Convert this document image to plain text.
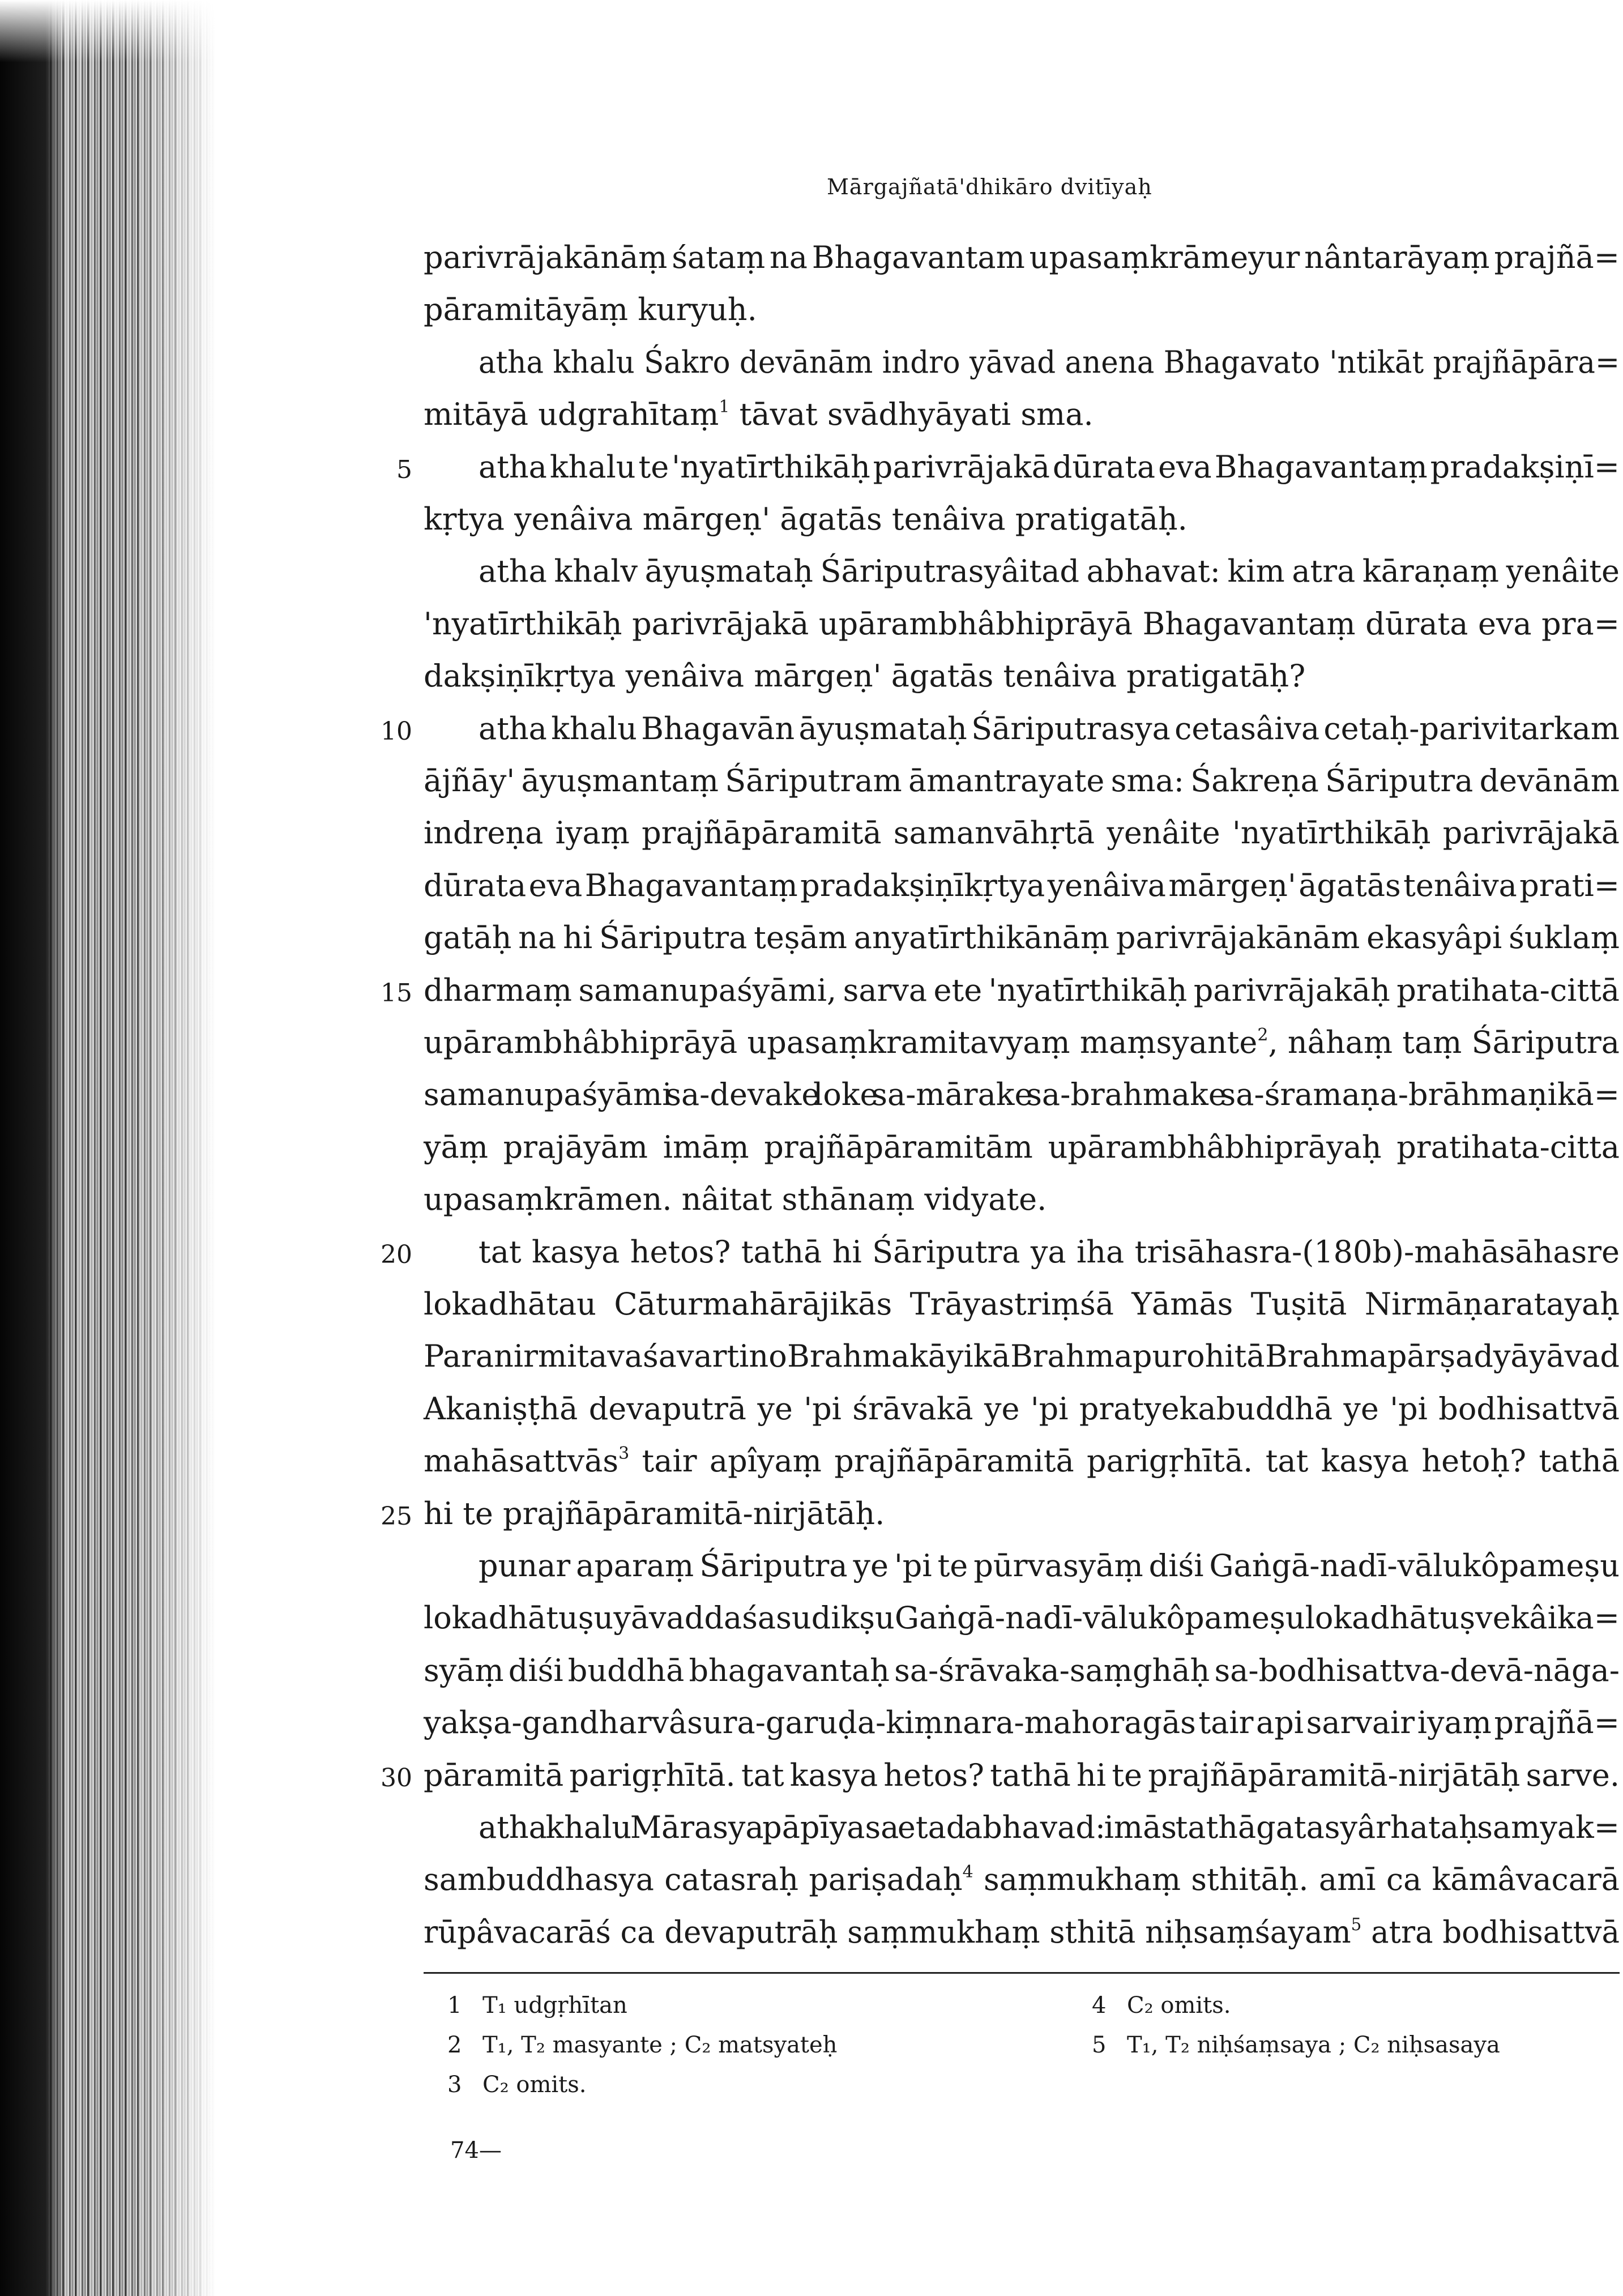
Mārgajñatā'dhikāro dvitīyaḥ
parivrājakānāṃ śataṃ na Bhagavantam upasaṃkrāmeyur nântarāyaṃ prajñā=
pāramitāyāṃ kuryuḥ.
atha khalu Śakro devānām indro yāvad anena Bhagavato 'ntikāt prajñāpāra=
mitāyā udgrahītaṃ$^1$ tāvat svādhyāyati sma.
atha khalu te 'nyatīrthikāḥ parivrājakā dūrata eva Bhagavantaṃ pradakṣiṇī=
5
kṛtya yenâiva mārgeṇ' āgatās tenâiva pratigatāḥ.
atha khalv āyuṣmataḥ Śāriputrasyâitad abhavat: kim atra kāraṇaṃ yenâite
'nyatīrthikāḥ parivrājakā upārambhâbhiprāyā Bhagavantaṃ dūrata eva pra=
dakṣiṇīkṛtya yenâiva mārgeṇ' āgatās tenâiva pratigatāḥ?
atha khalu Bhagavān āyuṣmataḥ Śāriputrasya cetasâiva cetaḥ-parivitarkam
10
ājñāy' āyuṣmantaṃ Śāriputram āmantrayate sma: Śakreṇa Śāriputra devānām
indreṇa iyaṃ prajñāpāramitā samanvāhṛtā yenâite 'nyatīrthikāḥ parivrājakā
dūrata eva Bhagavantaṃ pradakṣiṇīkṛtya yenâiva mārgeṇ' āgatās tenâiva prati=
gatāḥ na hi Śāriputra teṣām anyatīrthikānāṃ parivrājakānām ekasyâpi śuklaṃ
dharmaṃ samanupaśyāmi, sarva ete 'nyatīrthikāḥ parivrājakāḥ pratihata-cittā
15
upārambhâbhiprāyā upasaṃkramitavyaṃ maṃsyante$^2$, nâhaṃ taṃ Śāriputra
samanupaśyāmi sa-devake loke sa-mārake sa-brahmake sa-śramaṇa-brāhmaṇikā=
yāṃ prajāyām imāṃ prajñāpāramitām upārambhâbhiprāyaḥ pratihata-citta
upasaṃkrāmen. nâitat sthānaṃ vidyate.
tat kasya hetos? tathā hi Śāriputra ya iha trisāhasra-(180b)-mahāsāhasre
20
lokadhātau Cāturmahārājikās Trāyastriṃśā Yāmās Tuṣitā Nirmāṇaratayaḥ
Paranirmitavaśavartino Brahmakāyikā Brahmapurohitā Brahmapārṣadyā yāvad
Akaniṣṭhā devaputrā ye 'pi śrāvakā ye 'pi pratyekabuddhā ye 'pi bodhisattvā
mahāsattvās$^3$ tair apîyaṃ prajñāpāramitā parigṛhītā. tat kasya hetoḥ? tathā
hi te prajñāpāramitā-nirjātāḥ.
25
punar aparaṃ Śāriputra ye 'pi te pūrvasyāṃ diśi Gaṅgā-nadī-vālukôpameṣu
lokadhātuṣu yāvad daśasu dikṣu Gaṅgā-nadī-vālukôpameṣu lokadhātuṣv ekâika=
syāṃ diśi buddhā bhagavantaḥ sa-śrāvaka-saṃghāḥ sa-bodhisattva-devā-nāga-
yakṣa-gandharvâsura-garuḍa-kiṃnara-mahoragās tair api sarvair iyaṃ prajñā=
pāramitā parigṛhītā. tat kasya hetos? tathā hi te prajñāpāramitā-nirjātāḥ sarve.
30
atha khalu Mārasya pāpīyasa etad abhavad: imās tathāgatasyârhataḥ samyak=
sambuddhasya catasraḥ pariṣadaḥ$^4$ saṃmukhaṃ sthitāḥ. amī ca kāmâvacarā
rūpâvacarāś ca devaputrāḥ saṃmukhaṃ sthitā niḥsaṃśayam$^5$ atra bodhisattvā
1 T₁ udgṛhītan
2 T₁, T₂ masyante ; C₂ matsyateḥ
3 C₂ omits.
4 C₂ omits.
5 T₁, T₂ niḥśaṃsaya ; C₂ niḥsasaya
74—
